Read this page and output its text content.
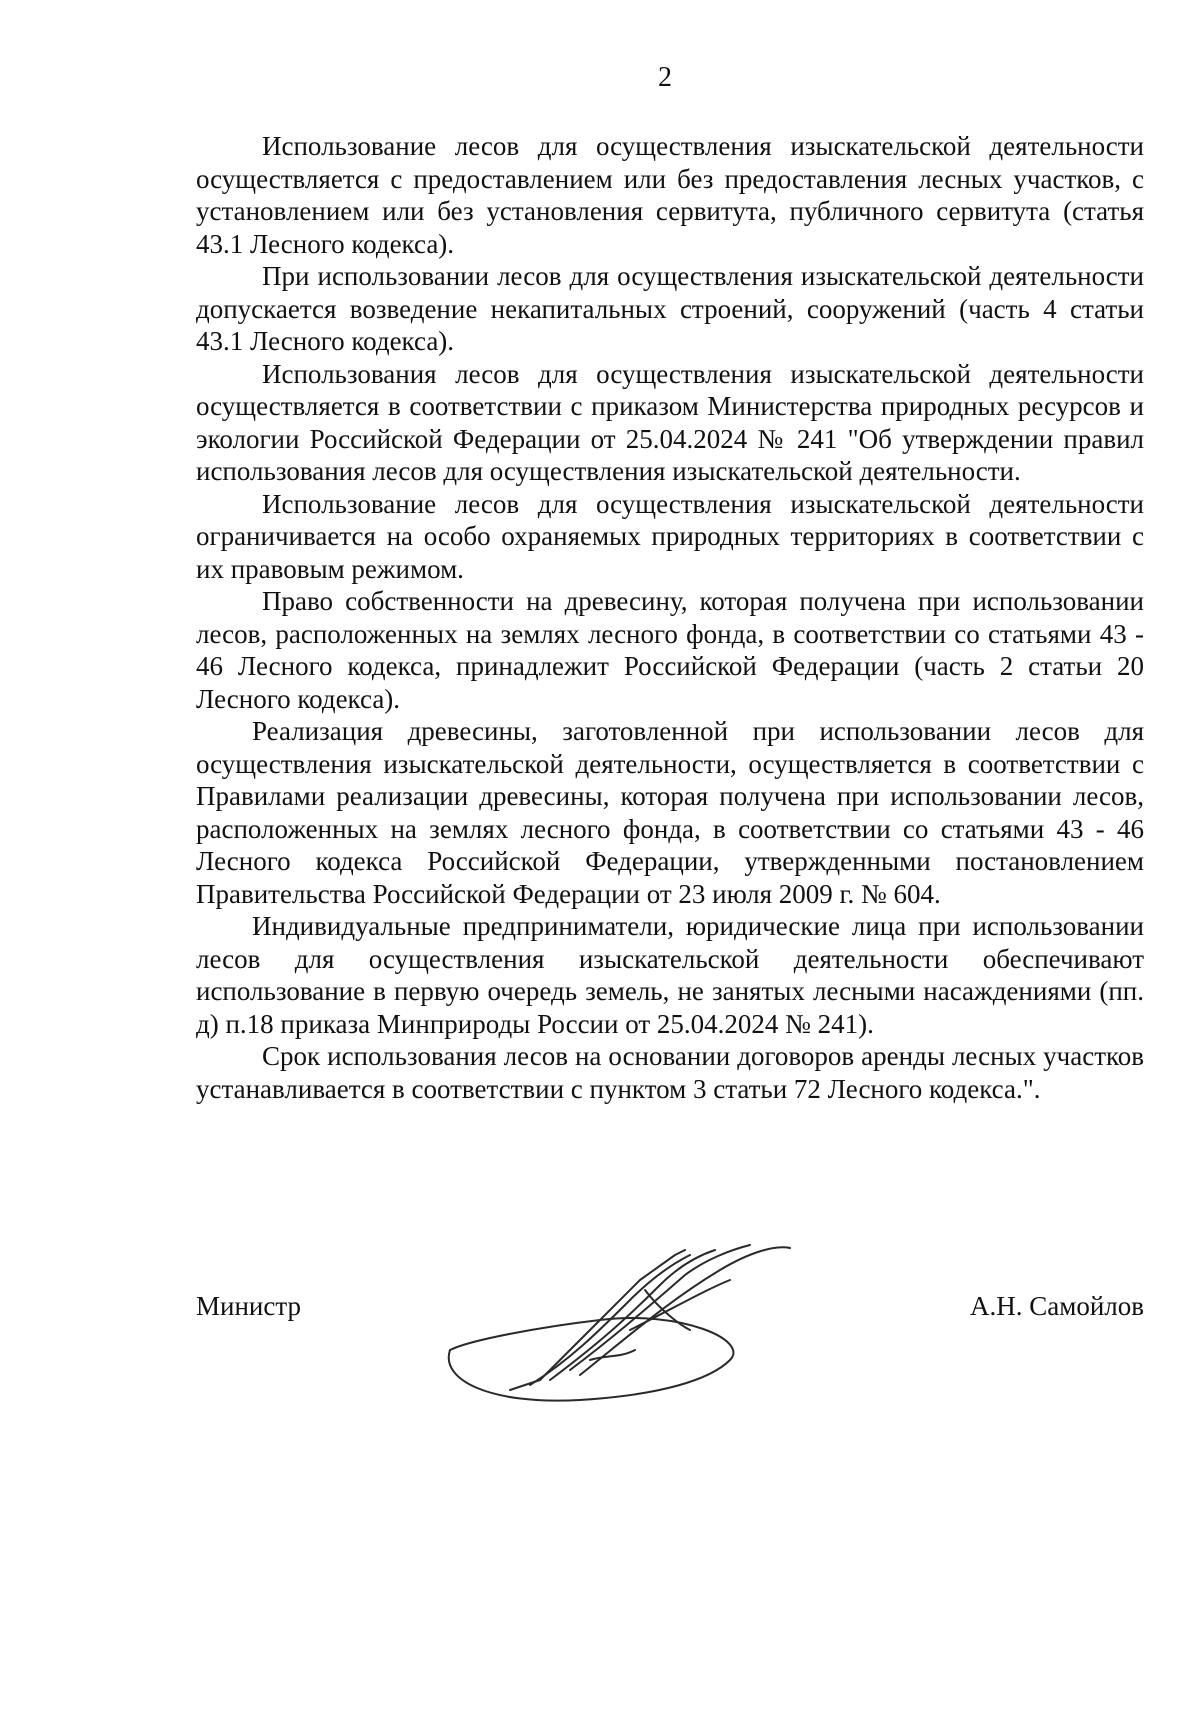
2

Использование лесов для осуществления изыскательской деятельности осуществляется с предоставлением или без предоставления лесных участков, с установлением или без установления сервитута, публичного сервитута (статья 43.1 Лесного кодекса).

При использовании лесов для осуществления изыскательской деятельности допускается возведение некапитальных строений, сооружений (часть 4 статьи 43.1 Лесного кодекса).

Использования лесов для осуществления изыскательской деятельности осуществляется в соответствии с приказом Министерства природных ресурсов и экологии Российской Федерации от 25.04.2024 № 241 "Об утверждении правил использования лесов для осуществления изыскательской деятельности.

Использование лесов для осуществления изыскательской деятельности ограничивается на особо охраняемых природных территориях в соответствии с их правовым режимом.

Право собственности на древесину, которая получена при использовании лесов, расположенных на землях лесного фонда, в соответствии со статьями 43 - 46 Лесного кодекса, принадлежит Российской Федерации (часть 2 статьи 20 Лесного кодекса).

Реализация древесины, заготовленной при использовании лесов для осуществления изыскательской деятельности, осуществляется в соответствии с Правилами реализации древесины, которая получена при использовании лесов, расположенных на землях лесного фонда, в соответствии со статьями 43 - 46 Лесного кодекса Российской Федерации, утвержденными постановлением Правительства Российской Федерации от 23 июля 2009 г. № 604.

Индивидуальные предприниматели, юридические лица при использовании лесов для осуществления изыскательской деятельности обеспечивают использование в первую очередь земель, не занятых лесными насаждениями (пп. д) п.18 приказа Минприроды России от 25.04.2024 № 241).

Срок использования лесов на основании договоров аренды лесных участков устанавливается в соответствии с пунктом 3 статьи 72 Лесного кодекса.".

Министр	А.Н. Самойлов
